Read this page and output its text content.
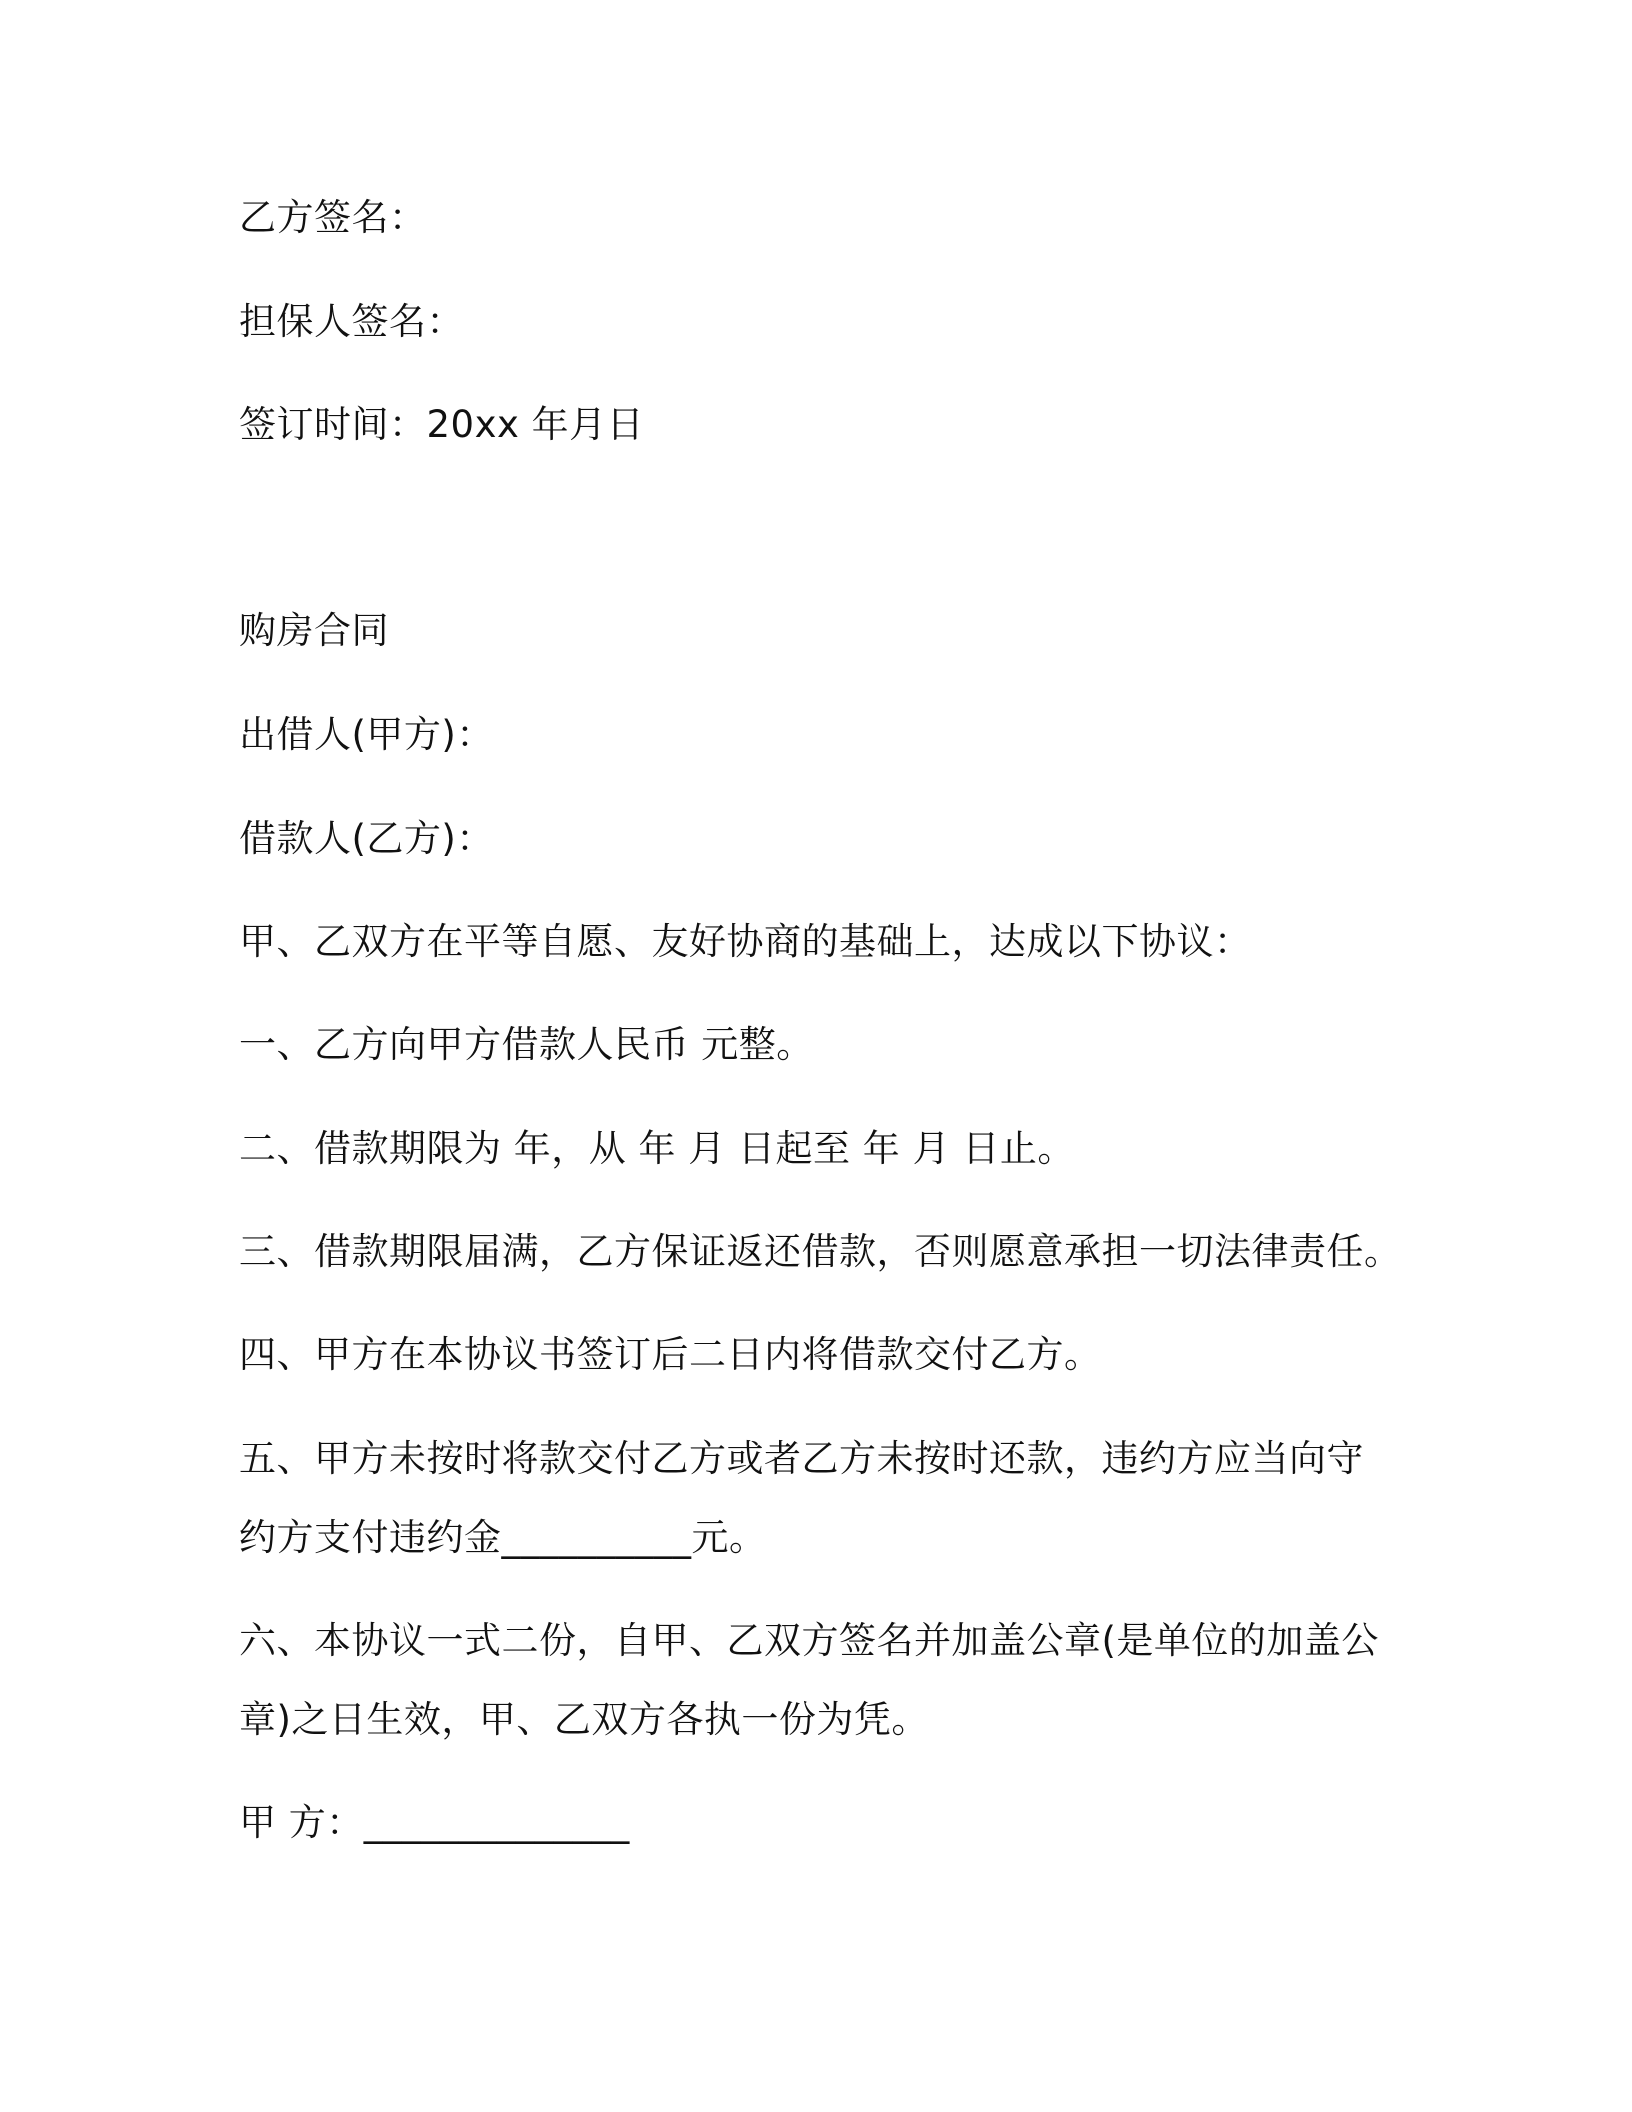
乙方签名：
担保人签名：
签订时间：20xx 年月日
购房合同
出借人(甲方)：
借款人(乙方)：
甲、乙双方在平等自愿、友好协商的基础上，达成以下协议：
一、乙方向甲方借款人民币 元整。
二、借款期限为 年，从 年 月 日起至 年 月 日止。
三、借款期限届满，乙方保证返还借款，否则愿意承担一切法律责任。
四、甲方在本协议书签订后二日内将借款交付乙方。
五、甲方未按时将款交付乙方或者乙方未按时还款，违约方应当向守
约方支付违约金__________元。
六、本协议一式二份，自甲、乙双方签名并加盖公章(是单位的加盖公
章)之日生效，甲、乙双方各执一份为凭。
甲 方：______________
